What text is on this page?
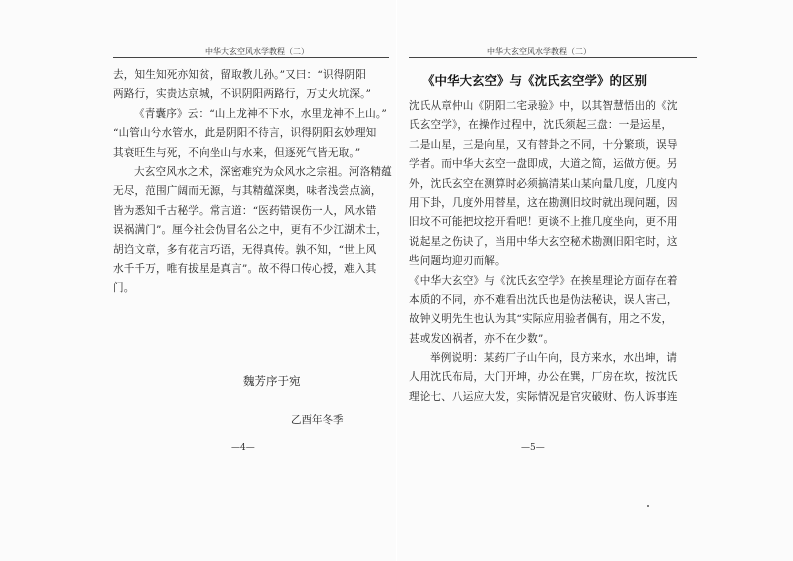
中华大玄空风水学教程（二）
去，知生知死亦知贫，留取教儿孙。”又曰：“识得阴阳
两路行，实贵达京城，不识阴阳两路行，万丈火坑深。”
《青囊序》云：“山上龙神不下水，水里龙神不上山。”
“山管山兮水管水，此是阴阳不待言，识得阴阳玄妙理知
其衰旺生与死，不向坐山与水来，但逐死气皆无取。”
大玄空风水之术，深密难究为众风水之宗祖。河洛精蕴
无尽，范围广阔而无源，与其精蕴深奥，味者浅尝点滴，
皆为悉知千古秘学。常言道：“医药错误伤一人，风水错
误祸满门”。厘今社会伪冒名公之中，更有不少江湖术士，
胡诌文章，多有花言巧语，无得真传。孰不知，“世上风
水千千万，唯有拔星是真言”。故不得口传心授，难入其
门。
魏芳序于宛
乙酉年冬季
—4—
中华大玄空风水学教程（二）
《中华大玄空》与《沈氏玄空学》的区别
沈氏从章仲山《阴阳二宅录验》中，以其智慧悟出的《沈
氏玄空学》，在操作过程中，沈氏须起三盘：一是运星，
二是山星，三是向星，又有替卦之不同，十分繁琐，误导
学者。而中华大玄空一盘即成，大道之简，运做方便。另
外，沈氏玄空在测算时必须搞清某山某向量几度，几度内
用下卦，几度外用替星，这在勘测旧坟时就出现问题，因
旧坟不可能把坟挖开看吧！更谈不上推几度坐向，更不用
说起星之伤诀了，当用中华大玄空秘术勘测旧阳宅时，这
些问题均迎刃而解。
《中华大玄空》与《沈氏玄空学》在挨星理论方面存在着
本质的不同，亦不难看出沈氏也是伪法秘诀，误人害己，
故钟义明先生也认为其“实际应用验者偶有，用之不发，
甚或发凶祸者，亦不在少数”。
举例说明：某药厂子山午向，艮方来水，水出坤，请
人用沈氏布局，大门开坤，办公在巽，厂房在坎，按沈氏
理论七、八运应大发，实际情况是官灾破财、伤人诉事连
—5—
